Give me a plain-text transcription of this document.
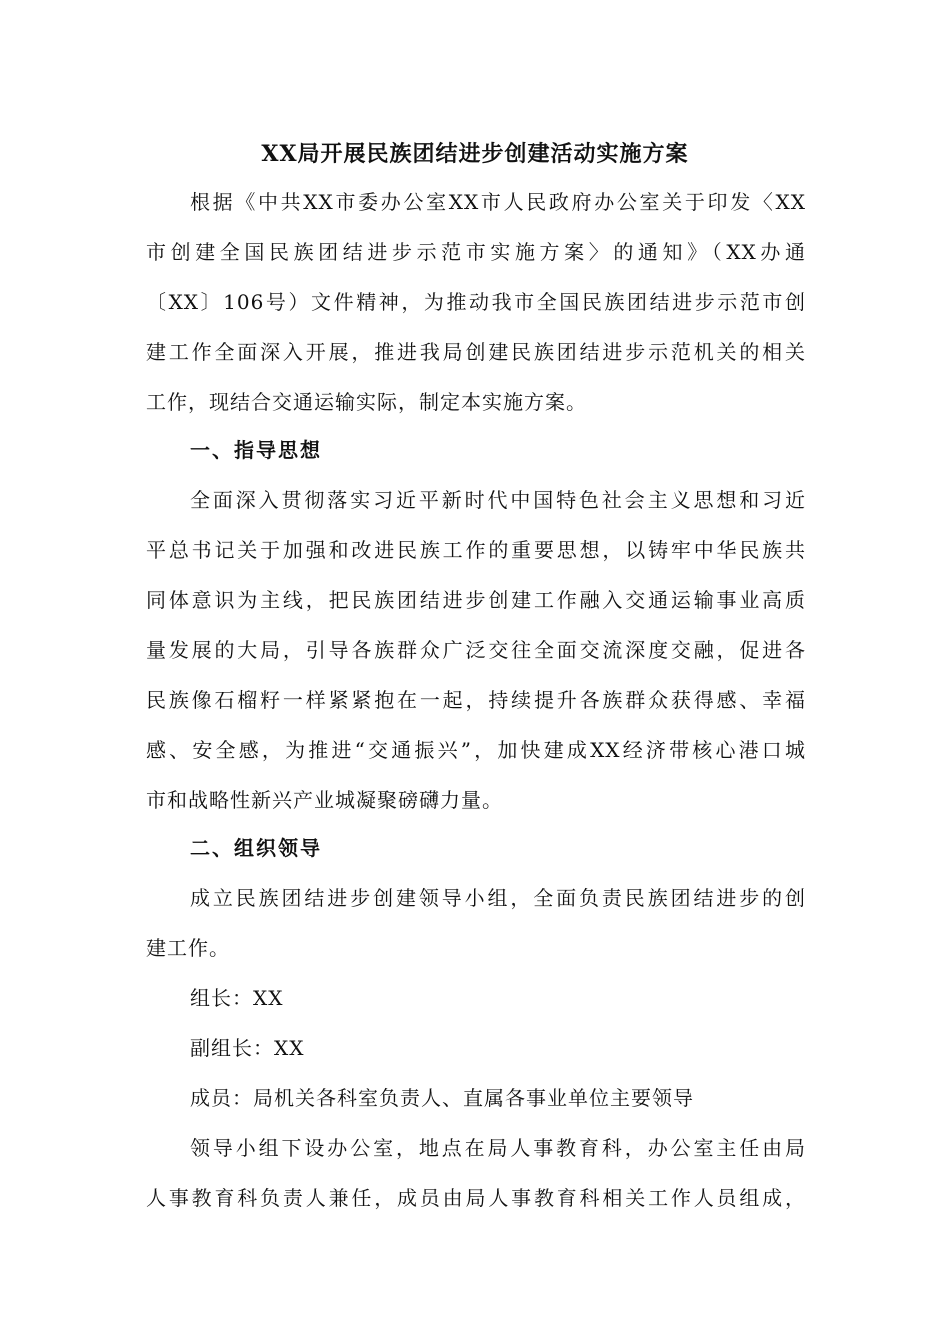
XX局开展民族团结进步创建活动实施方案
根据《中共XX市委办公室XX市人民政府办公室关于印发〈XX
市创建全国民族团结进步示范市实施方案〉的通知》（XX办通
〔XX〕106号）文件精神，为推动我市全国民族团结进步示范市创
建工作全面深入开展，推进我局创建民族团结进步示范机关的相关
工作，现结合交通运输实际，制定本实施方案。
一、指导思想
全面深入贯彻落实习近平新时代中国特色社会主义思想和习近
平总书记关于加强和改进民族工作的重要思想，以铸牢中华民族共
同体意识为主线，把民族团结进步创建工作融入交通运输事业高质
量发展的大局，引导各族群众广泛交往全面交流深度交融，促进各
民族像石榴籽一样紧紧抱在一起，持续提升各族群众获得感、幸福
感、安全感，为推进“交通振兴”，加快建成XX经济带核心港口城
市和战略性新兴产业城凝聚磅礴力量。
二、组织领导
成立民族团结进步创建领导小组，全面负责民族团结进步的创
建工作。
组长：XX
副组长：XX
成员：局机关各科室负责人、直属各事业单位主要领导
领导小组下设办公室，地点在局人事教育科，办公室主任由局
人事教育科负责人兼任，成员由局人事教育科相关工作人员组成，
